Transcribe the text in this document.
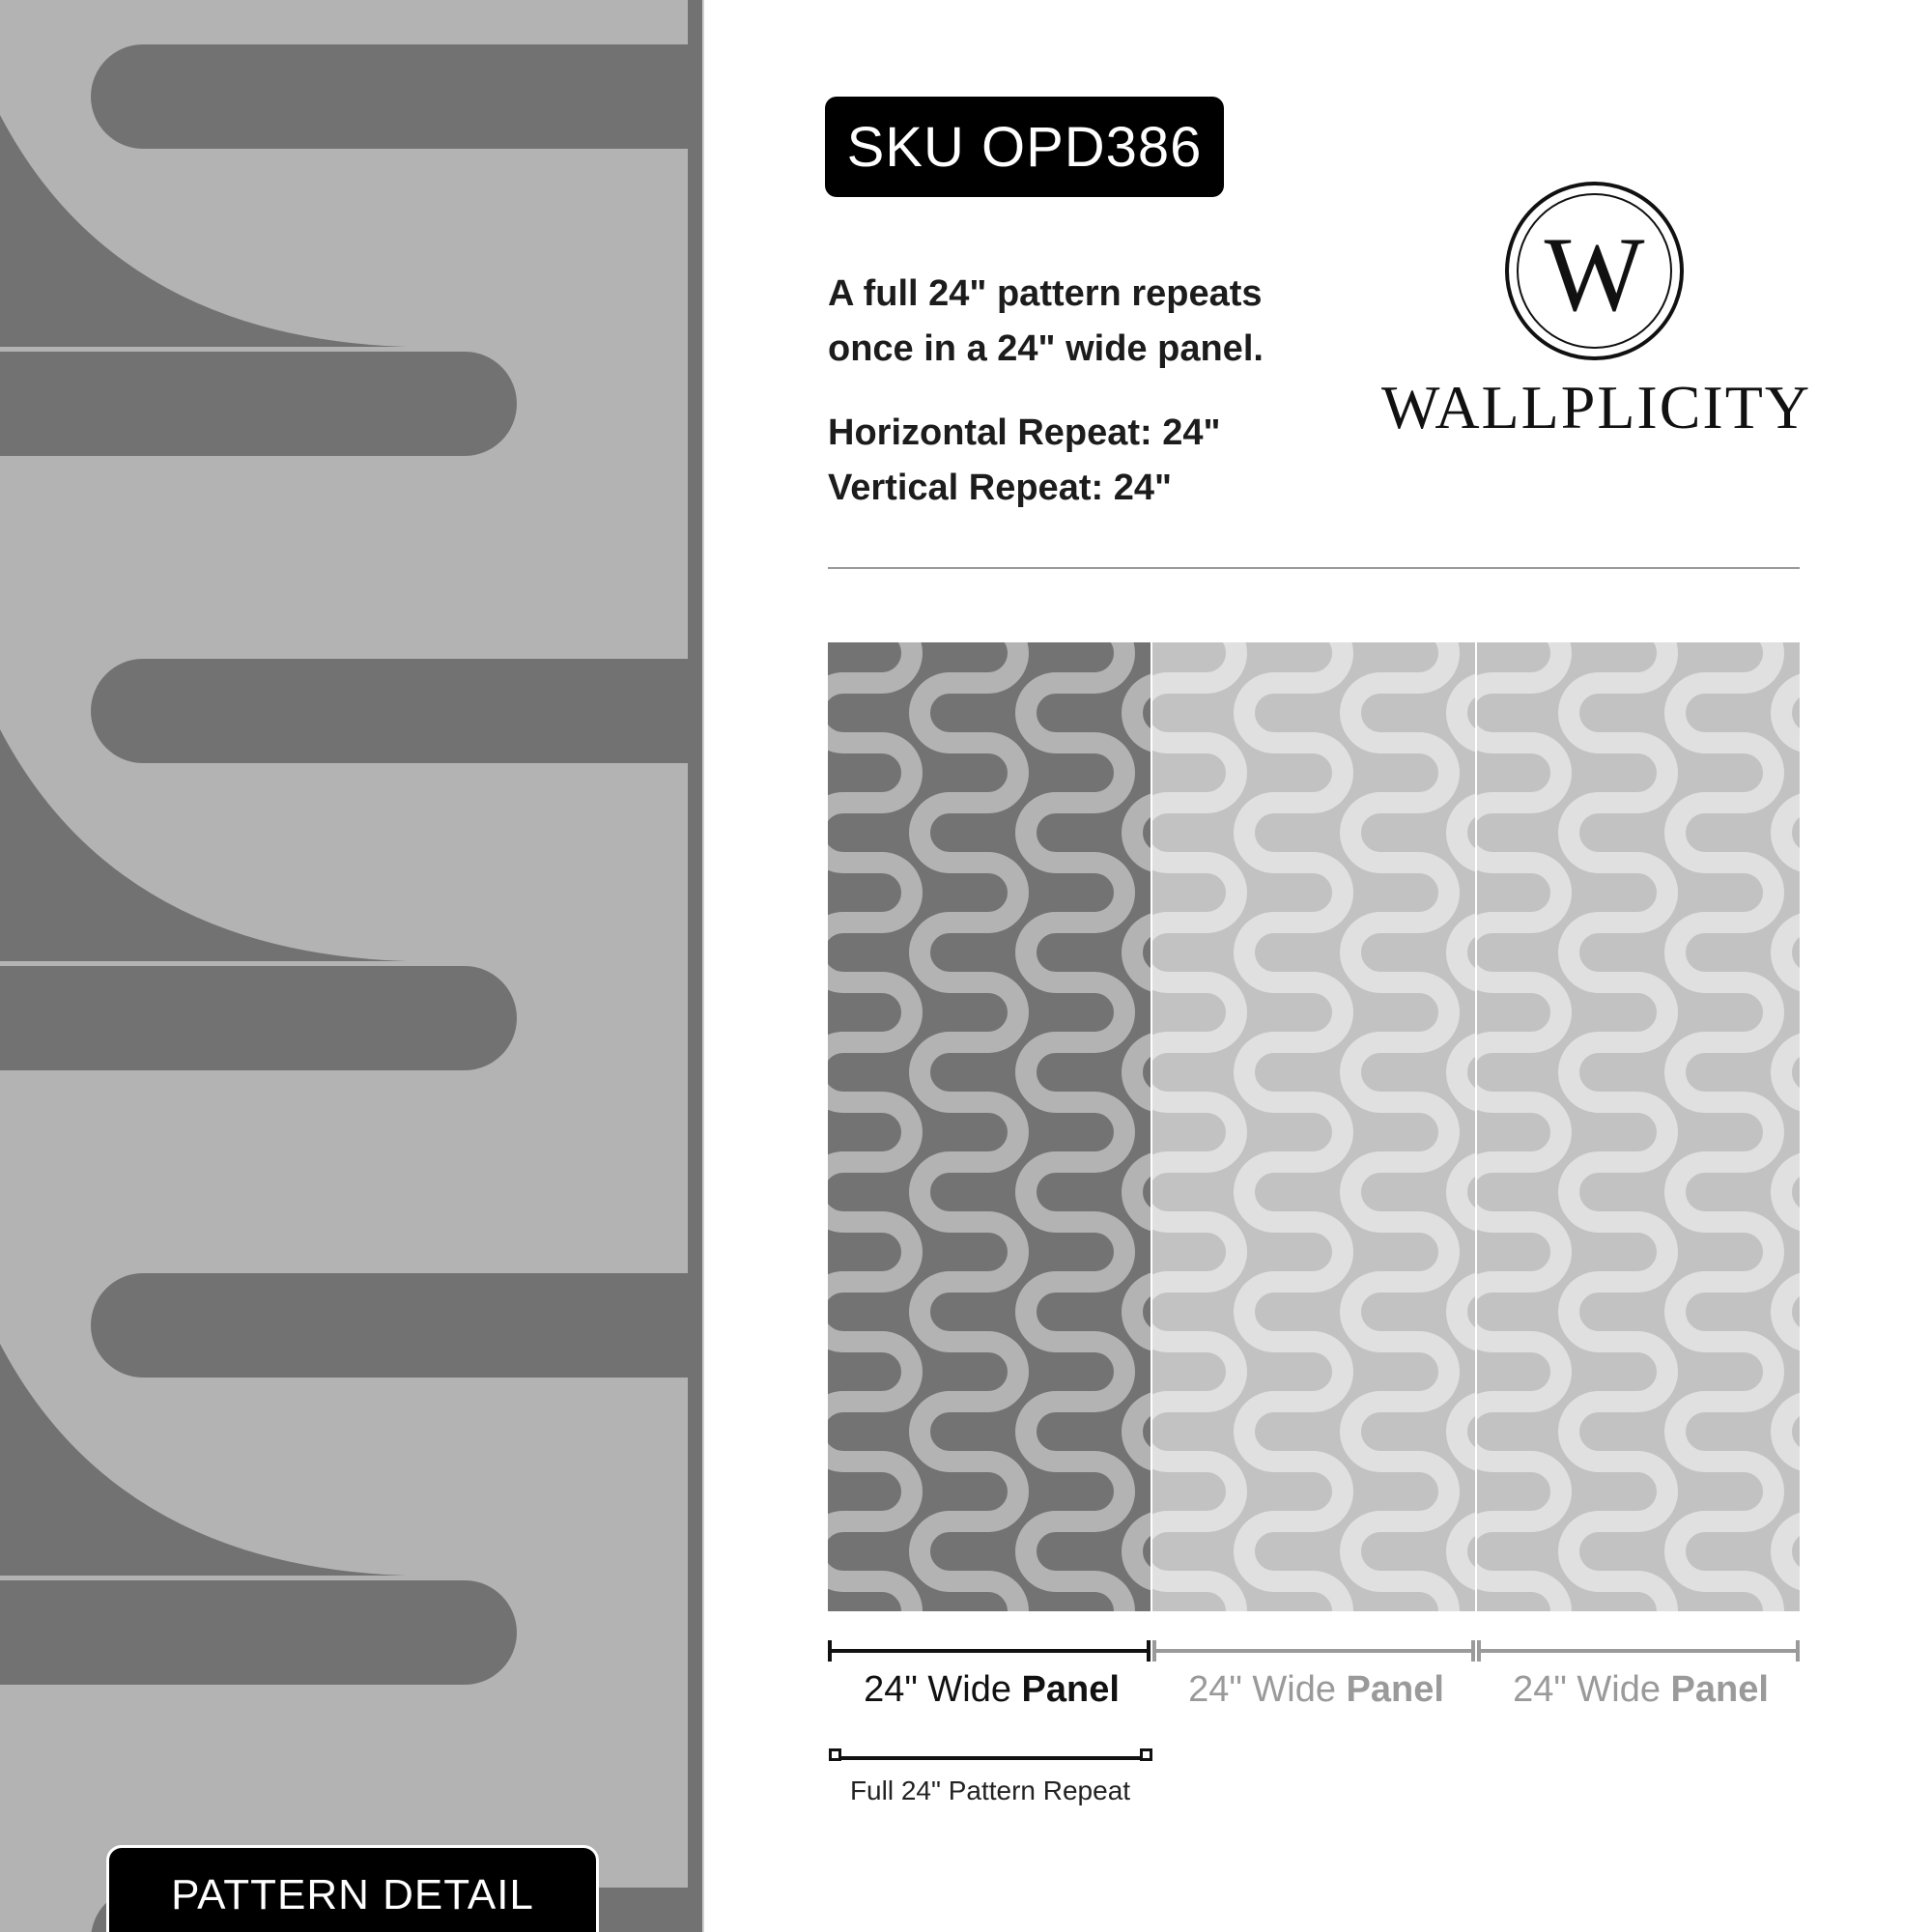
PATTERN DETAIL
SKU OPD386
A full 24" pattern repeats
once in a 24" wide panel.
Horizontal Repeat: 24"
Vertical Repeat: 24"
W
WALLPLICITY
24" Wide Panel	24" Wide Panel	24" Wide Panel
Full 24" Pattern Repeat
